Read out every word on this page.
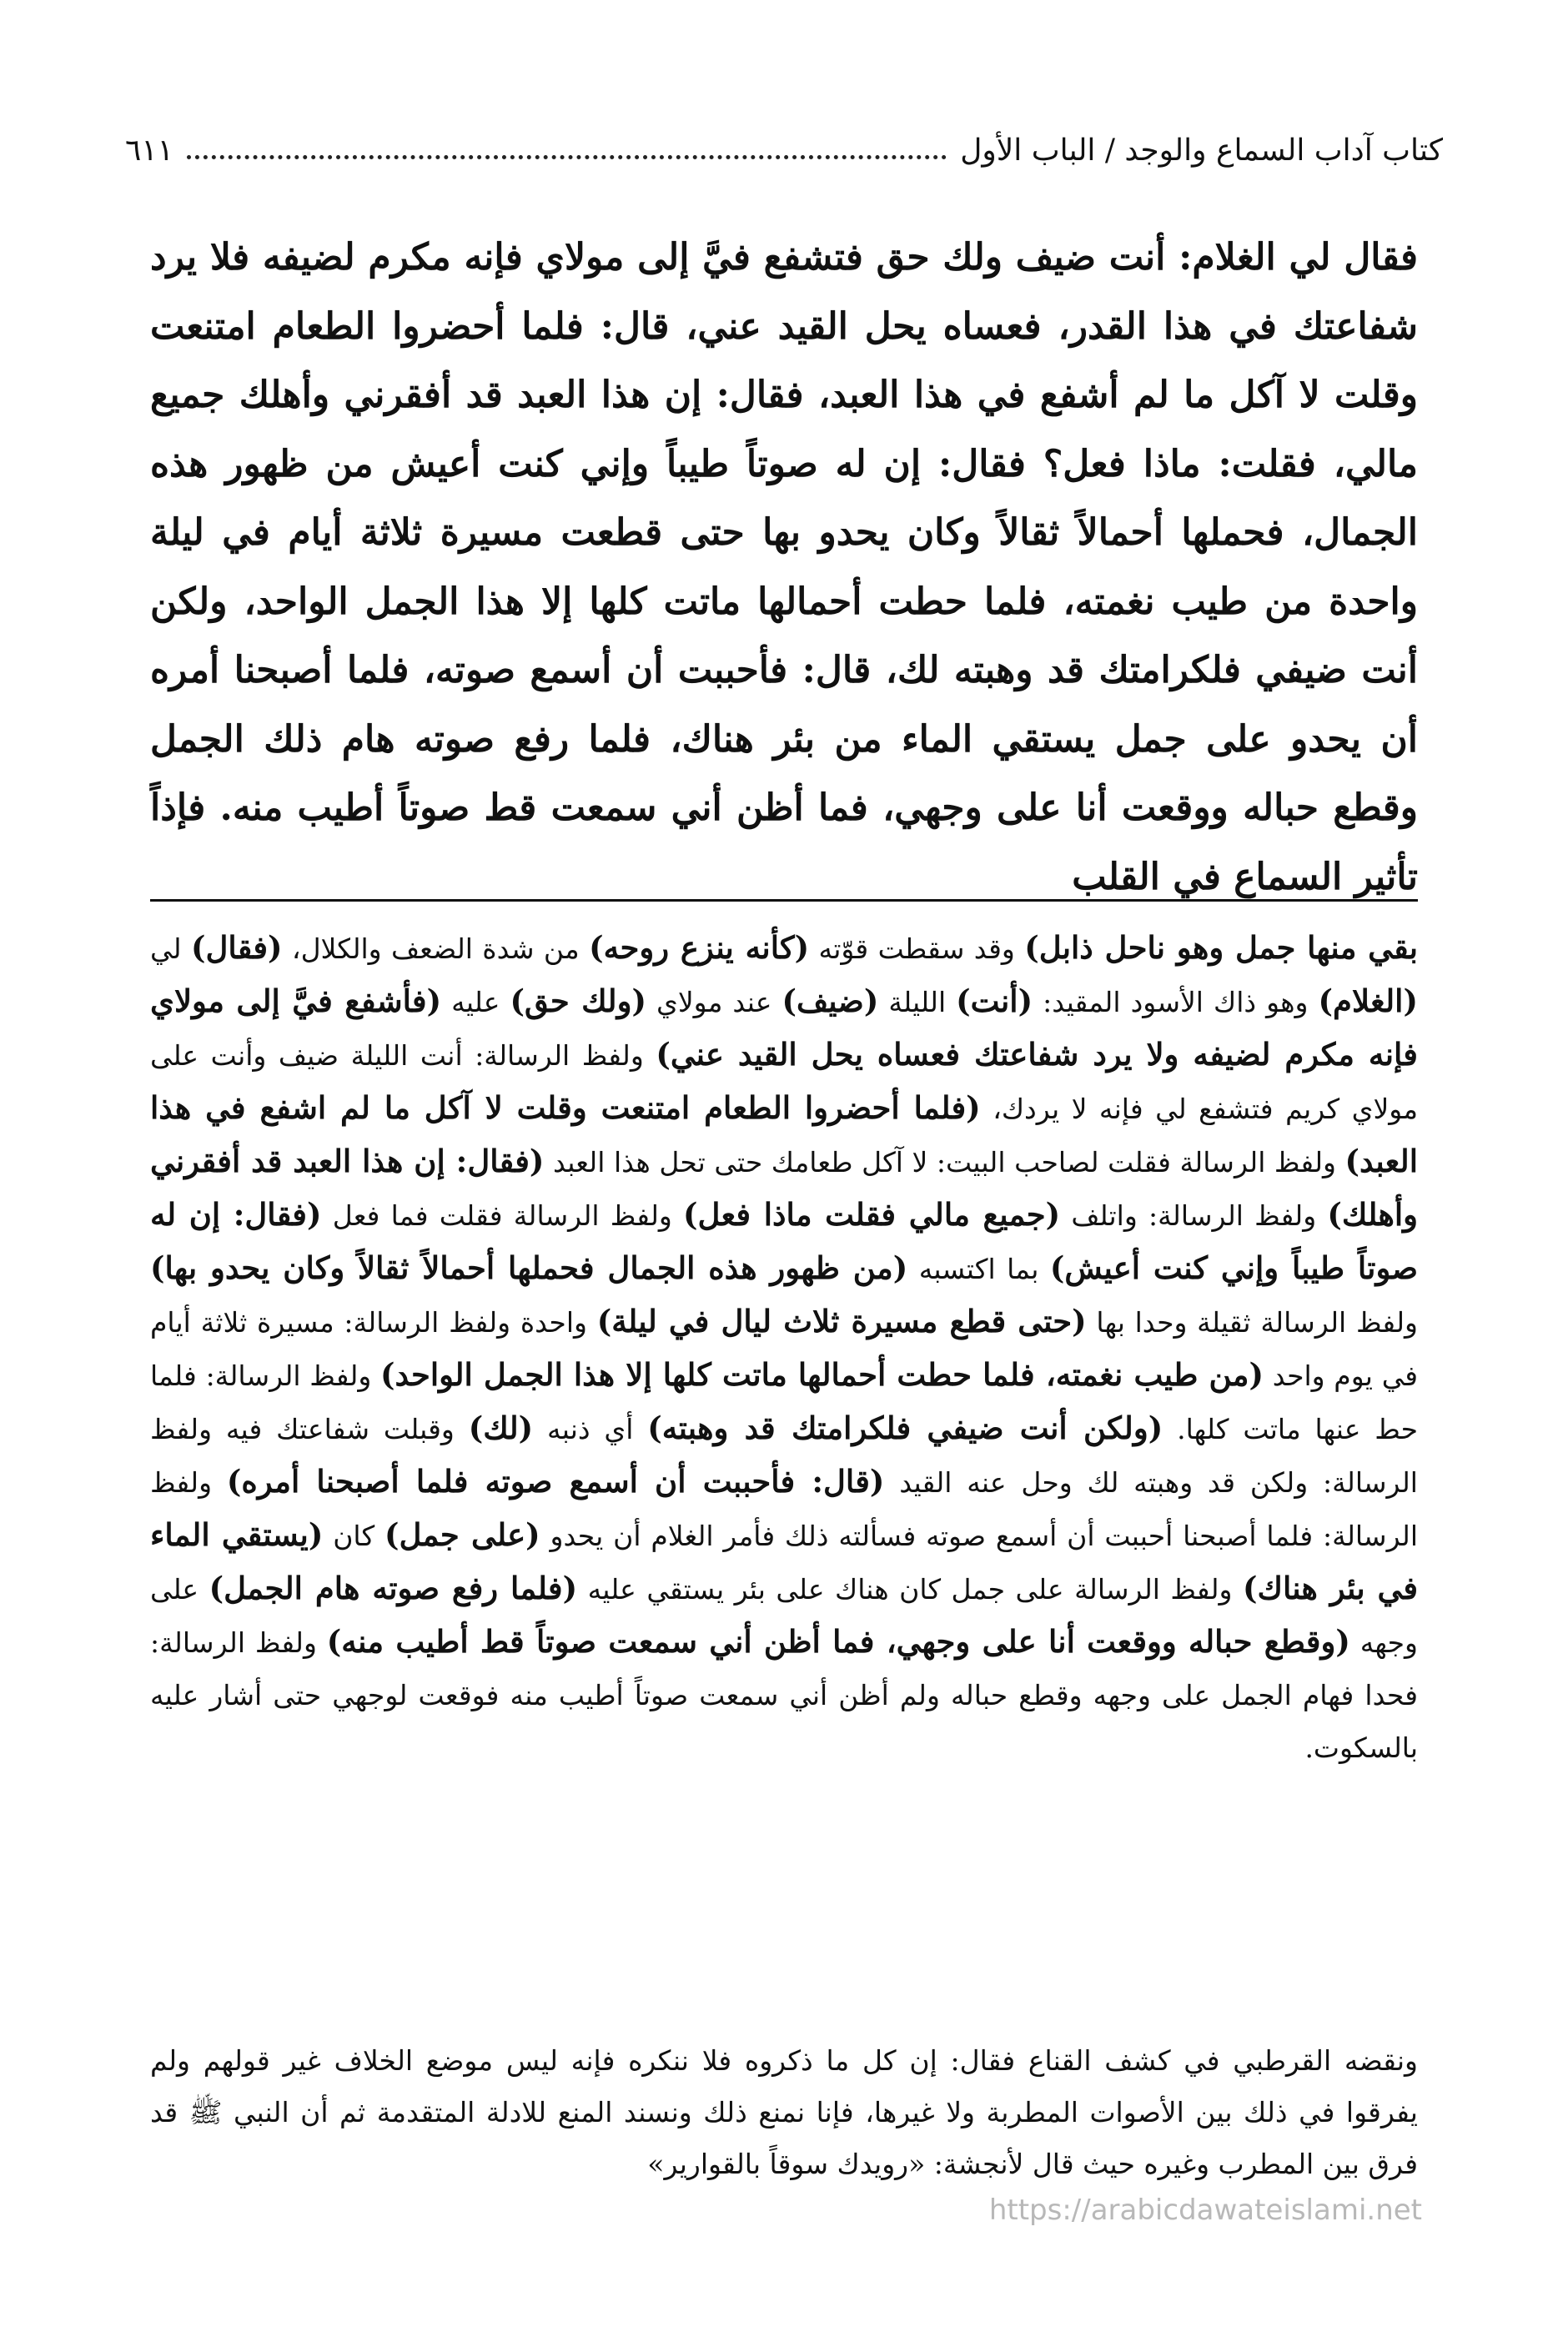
كتاب آداب السماع والوجد / الباب الأول
٦١١
فقال لي الغلام: أنت ضيف ولك حق فتشفع فيَّ إلى مولاي فإنه مكرم لضيفه فلا يرد شفاعتك في هذا القدر، فعساه يحل القيد عني، قال: فلما أحضروا الطعام امتنعت وقلت لا آكل ما لم أشفع في هذا العبد، فقال: إن هذا العبد قد أفقرني وأهلك جميع مالي، فقلت: ماذا فعل؟ فقال: إن له صوتاً طيباً وإني كنت أعيش من ظهور هذه الجمال، فحملها أحمالاً ثقالاً وكان يحدو بها حتى قطعت مسيرة ثلاثة أيام في ليلة واحدة من طيب نغمته، فلما حطت أحمالها ماتت كلها إلا هذا الجمل الواحد، ولكن أنت ضيفي فلكرامتك قد وهبته لك، قال: فأحببت أن أسمع صوته، فلما أصبحنا أمره أن يحدو على جمل يستقي الماء من بئر هناك، فلما رفع صوته هام ذلك الجمل وقطع حباله ووقعت أنا على وجهي، فما أظن أني سمعت قط صوتاً أطيب منه. فإذاً تأثير السماع في القلب
بقي منها جمل وهو ناحل ذابل) وقد سقطت قوّته (كأنه ينزع روحه) من شدة الضعف والكلال، (فقال) لي (الغلام) وهو ذاك الأسود المقيد: (أنت) الليلة (ضيف) عند مولاي (ولك حق) عليه (فأشفع فيَّ إلى مولاي فإنه مكرم لضيفه ولا يرد شفاعتك فعساه يحل القيد عني) ولفظ الرسالة: أنت الليلة ضيف وأنت على مولاي كريم فتشفع لي فإنه لا يردك، (فلما أحضروا الطعام امتنعت وقلت لا آكل ما لم اشفع في هذا العبد) ولفظ الرسالة فقلت لصاحب البيت: لا آكل طعامك حتى تحل هذا العبد (فقال: إن هذا العبد قد أفقرني وأهلك) ولفظ الرسالة: واتلف (جميع مالي فقلت ماذا فعل) ولفظ الرسالة فقلت فما فعل (فقال: إن له صوتاً طيباً وإني كنت أعيش) بما اكتسبه (من ظهور هذه الجمال فحملها أحمالاً ثقالاً وكان يحدو بها) ولفظ الرسالة ثقيلة وحدا بها (حتى قطع مسيرة ثلاث ليال في ليلة) واحدة ولفظ الرسالة: مسيرة ثلاثة أيام في يوم واحد (من طيب نغمته، فلما حطت أحمالها ماتت كلها إلا هذا الجمل الواحد) ولفظ الرسالة: فلما حط عنها ماتت كلها. (ولكن أنت ضيفي فلكرامتك قد وهبته) أي ذنبه (لك) وقبلت شفاعتك فيه ولفظ الرسالة: ولكن قد وهبته لك وحل عنه القيد (قال: فأحببت أن أسمع صوته فلما أصبحنا أمره) ولفظ الرسالة: فلما أصبحنا أحببت أن أسمع صوته فسألته ذلك فأمر الغلام أن يحدو (على جمل) كان (يستقي الماء في بئر هناك) ولفظ الرسالة على جمل كان هناك على بئر يستقي عليه (فلما رفع صوته هام الجمل) على وجهه (وقطع حباله ووقعت أنا على وجهي، فما أظن أني سمعت صوتاً قط أطيب منه) ولفظ الرسالة: فحدا فهام الجمل على وجهه وقطع حباله ولم أظن أني سمعت صوتاً أطيب منه فوقعت لوجهي حتى أشار عليه بالسكوت.
ونقضه القرطبي في كشف القناع فقال: إن كل ما ذكروه فلا ننكره فإنه ليس موضع الخلاف غير قولهم ولم يفرقوا في ذلك بين الأصوات المطربة ولا غيرها، فإنا نمنع ذلك ونسند المنع للادلة المتقدمة ثم أن النبي ﷺ قد فرق بين المطرب وغيره حيث قال لأنجشة: «رويدك سوقاً بالقوارير»
https://arabicdawateislami.net
